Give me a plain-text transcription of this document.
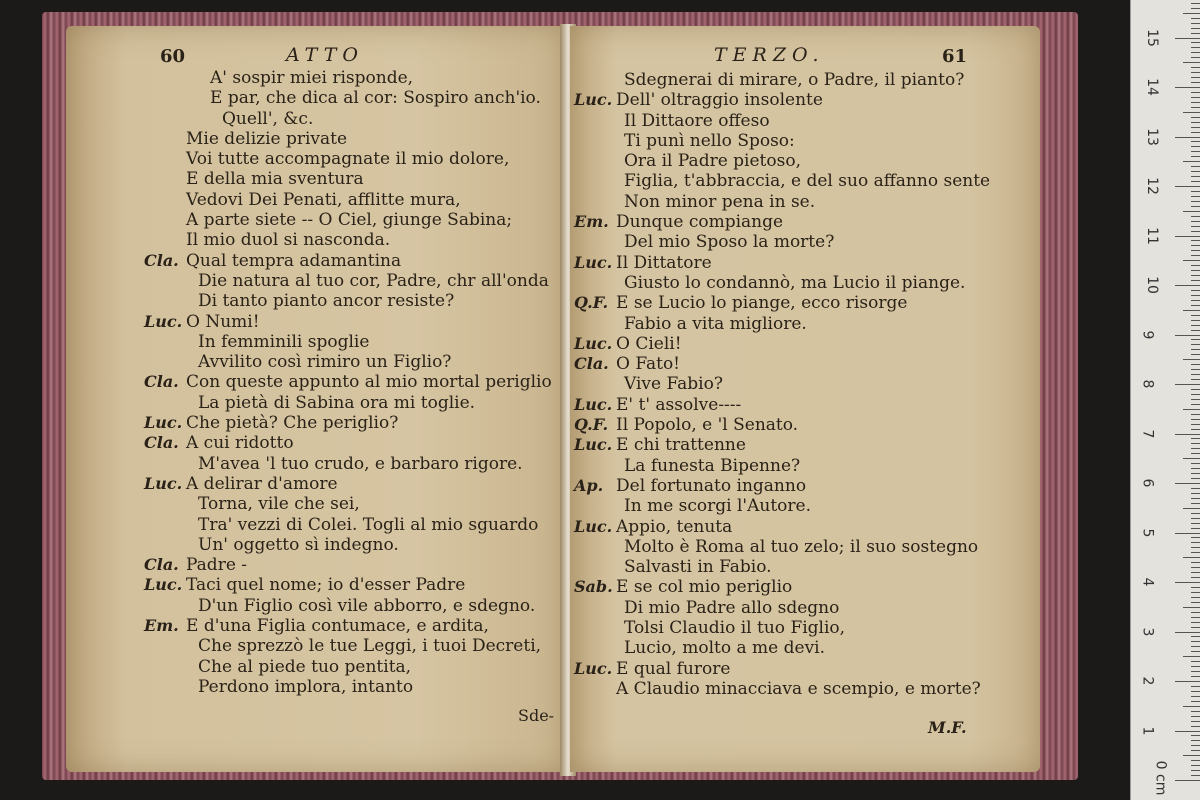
60	ATTO
A' sospir miei risponde,
E par, che dica al cor: Sospiro anch'io.
Quell', &c.
Mie delizie private
Voi tutte accompagnate il mio dolore,
E della mia sventura
Vedovi Dei Penati, afflitte mura,
A parte siete -- O Ciel, giunge Sabina;
Il mio duol si nasconda.
Cla. Qual tempra adamantina
Die natura al tuo cor, Padre, chr all'onda
Di tanto pianto ancor resiste?
Luc. O Numi!
In femminili spoglie
Avvilito così rimiro un Figlio?
Cla. Con queste appunto al mio mortal periglio
La pietà di Sabina ora mi toglie.
Luc. Che pietà? Che periglio?
Cla. A cui ridotto
M'avea 'l tuo crudo, e barbaro rigore.
Luc. A delirar d'amore
Torna, vile che sei,
Tra' vezzi di Colei. Togli al mio sguardo
Un' oggetto sì indegno.
Cla. Padre -
Luc. Taci quel nome; io d'esser Padre
D'un Figlio così vile abborro, e sdegno.
Em. E d'una Figlia contumace, e ardita,
Che sprezzò le tue Leggi, i tuoi Decreti,
Che al piede tuo pentita,
Perdono implora, intanto
Sde-
TERZO.	61
Sdegnerai di mirare, o Padre, il pianto?
Luc. Dell' oltraggio insolente
Il Dittaore offeso
Ti punì nello Sposo:
Ora il Padre pietoso,
Figlia, t'abbraccia, e del suo affanno sente
Non minor pena in se.
Em. Dunque compiange
Del mio Sposo la morte?
Luc. Il Dittatore
Giusto lo condannò, ma Lucio il piange.
Q.F. E se Lucio lo piange, ecco risorge
Fabio a vita migliore.
Luc. O Cieli!
Cla. O Fato!
Vive Fabio?
Luc. E' t' assolve----
Q.F. Il Popolo, e 'l Senato.
Luc. E chi trattenne
La funesta Bipenne?
Ap. Del fortunato inganno
In me scorgi l'Autore.
Luc. Appio, tenuta
Molto è Roma al tuo zelo; il suo sostegno
Salvasti in Fabio.
Sab. E se col mio periglio
Di mio Padre allo sdegno
Tolsi Claudio il tuo Figlio,
Lucio, molto a me devi.
Luc. E qual furore
A Claudio minacciava e scempio, e morte?
M.F.	1
2
3
4
5
6
7
8
9
10
11
12
13
14
15
0 cm
